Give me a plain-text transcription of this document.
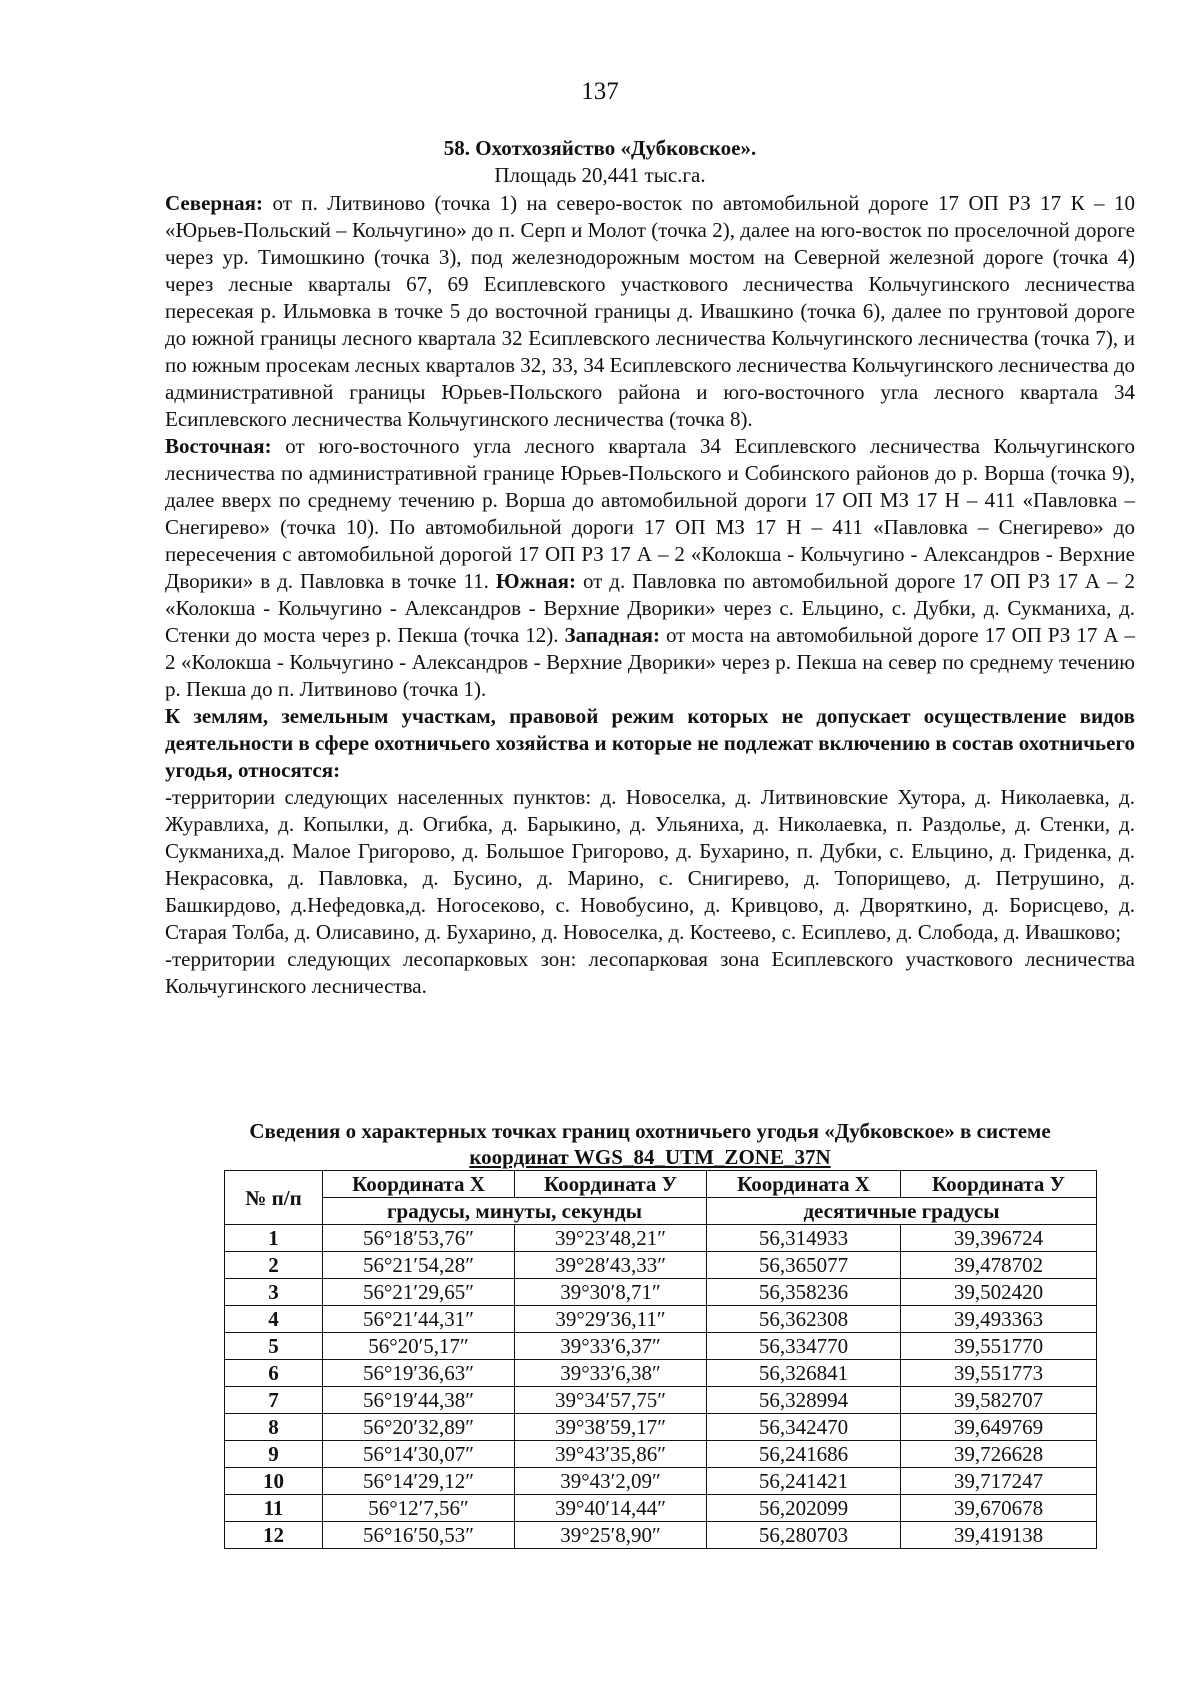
137
58. Охотхозяйство «Дубковское».
Площадь 20,441 тыс.га.

Северная: от п. Литвиново (точка 1) на северо-восток по автомобильной дороге 17 ОП РЗ 17 К – 10 «Юрьев-Польский – Кольчугино» до п. Серп и Молот (точка 2), далее на юго-восток по проселочной дороге через ур. Тимошкино (точка 3), под железнодорожным мостом на Северной железной дороге (точка 4) через лесные кварталы 67, 69 Есиплевского участкового лесничества Кольчугинского лесничества пересекая р. Ильмовка в точке 5 до восточной границы д. Ивашкино (точка 6), далее по грунтовой дороге до южной границы лесного квартала 32 Есиплевского лесничества Кольчугинского лесничества (точка 7), и по южным просекам лесных кварталов 32, 33, 34 Есиплевского лесничества Кольчугинского лесничества до административной границы Юрьев-Польского района и юго-восточного угла лесного квартала 34 Есиплевского лесничества Кольчугинского лесничества (точка 8).
Восточная: от юго-восточного угла лесного квартала 34 Есиплевского лесничества Кольчугинского лесничества по административной границе Юрьев-Польского и Собинского районов до р. Ворша (точка 9), далее вверх по среднему течению р. Ворша до автомобильной дороги 17 ОП МЗ 17 Н – 411 «Павловка – Снегирево» (точка 10). По автомобильной дороги 17 ОП МЗ 17 Н – 411 «Павловка – Снегирево» до пересечения с автомобильной дорогой 17 ОП РЗ 17 А – 2 «Колокша - Кольчугино - Александров - Верхние Дворики» в д. Павловка в точке 11. Южная: от д. Павловка по автомобильной дороге 17 ОП РЗ 17 А – 2 «Колокша - Кольчугино - Александров - Верхние Дворики» через с. Ельцино, с. Дубки, д. Сукманиха, д. Стенки до моста через р. Пекша (точка 12). Западная: от моста на автомобильной дороге 17 ОП РЗ 17 А – 2 «Колокша - Кольчугино - Александров - Верхние Дворики» через р. Пекша на север по среднему течению р. Пекша до п. Литвиново (точка 1).

К землям, земельным участкам, правовой режим которых не допускает осуществление видов деятельности в сфере охотничьего хозяйства и которые не подлежат включению в состав охотничьего угодья, относятся:

-территории следующих населенных пунктов: д. Новоселка, д. Литвиновские Хутора, д. Николаевка, д. Журавлиха, д. Копылки, д. Огибка, д. Барыкино, д. Ульяниха, д. Николаевка, п. Раздолье, д. Стенки, д. Сукманиха,д. Малое Григорово, д. Большое Григорово, д. Бухарино, п. Дубки, с. Ельцино, д. Гриденка, д. Некрасовка, д. Павловка, д. Бусино, д. Марино, с. Снигирево, д. Топорищево, д. Петрушино, д. Башкирдово, д.Нефедовка,д. Ногосеково, с. Новобусино, д. Кривцово, д. Дворяткино, д. Борисцево, д. Старая Толба, д. Олисавино, д. Бухарино, д. Новоселка, д. Костеево, с. Есиплево, д. Слобода, д. Ивашково;

-территории следующих лесопарковых зон: лесопарковая зона Есиплевского участкового лесничества Кольчугинского лесничества.

Сведения о характерных точках границ охотничьего угодья «Дубковское» в системе
координат WGS_84_UTM_ZONE_37N
№ п/п	Координата X	Координата У	Координата X	Координата У
	градусы, минуты, секунды		десятичные градусы	
1	56°18′53,76″	39°23′48,21″	56,314933	39,396724
2	56°21′54,28″	39°28′43,33″	56,365077	39,478702
3	56°21′29,65″	39°30′8,71″	56,358236	39,502420
4	56°21′44,31″	39°29′36,11″	56,362308	39,493363
5	56°20′5,17″	39°33′6,37″	56,334770	39,551770
6	56°19′36,63″	39°33′6,38″	56,326841	39,551773
7	56°19′44,38″	39°34′57,75″	56,328994	39,582707
8	56°20′32,89″	39°38′59,17″	56,342470	39,649769
9	56°14′30,07″	39°43′35,86″	56,241686	39,726628
10	56°14′29,12″	39°43′2,09″	56,241421	39,717247
11	56°12′7,56″	39°40′14,44″	56,202099	39,670678
12	56°16′50,53″	39°25′8,90″	56,280703	39,419138
